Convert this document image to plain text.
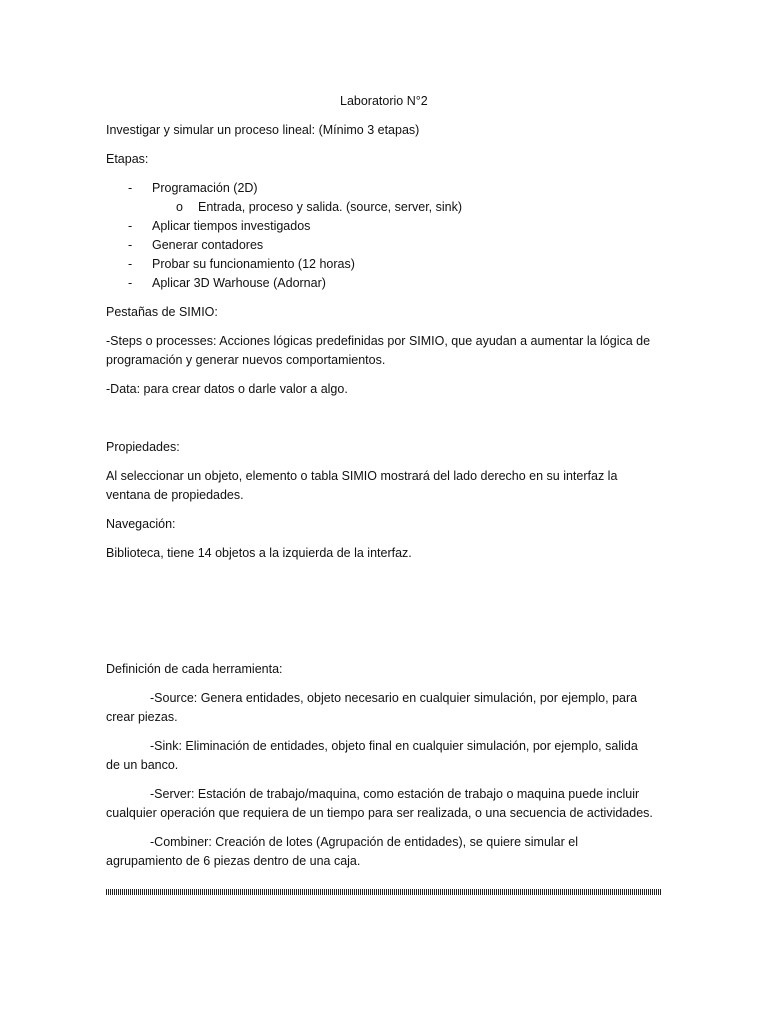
Laboratorio N°2

Investigar y simular un proceso lineal: (Mínimo 3 etapas)

Etapas:

- Programación (2D)
o Entrada, proceso y salida. (source, server, sink)
- Aplicar tiempos investigados
- Generar contadores
- Probar su funcionamiento (12 horas)
- Aplicar 3D Warhouse (Adornar)

Pestañas de SIMIO:

-Steps o processes: Acciones lógicas predefinidas por SIMIO, que ayudan a aumentar la lógica de

programación y generar nuevos comportamientos.

-Data: para crear datos o darle valor a algo.

Propiedades:

Al seleccionar un objeto, elemento o tabla SIMIO mostrará del lado derecho en su interfaz la

ventana de propiedades.

Navegación:

Biblioteca, tiene 14 objetos a la izquierda de la interfaz.

Definición de cada herramienta:

-Source: Genera entidades, objeto necesario en cualquier simulación, por ejemplo, para

crear piezas.

-Sink: Eliminación de entidades, objeto final en cualquier simulación, por ejemplo, salida

de un banco.

-Server: Estación de trabajo/maquina, como estación de trabajo o maquina puede incluir

cualquier operación que requiera de un tiempo para ser realizada, o una secuencia de actividades.

-Combiner: Creación de lotes (Agrupación de entidades), se quiere simular el

agrupamiento de 6 piezas dentro de una caja.
